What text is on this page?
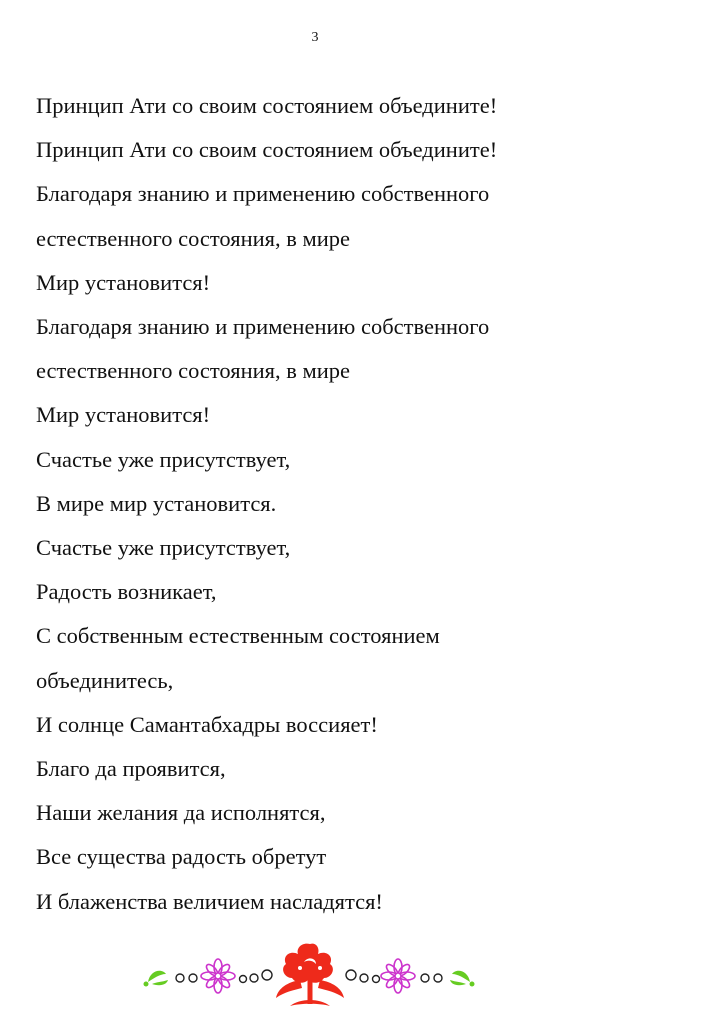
3
Принцип Ати со своим состоянием объедините!
Принцип Ати со своим состоянием объедините!
Благодаря знанию и применению собственного
естественного состояния, в мире
Мир установится!
Благодаря знанию и применению собственного
естественного состояния, в мире
Мир установится!
Счастье уже присутствует,
В мире мир установится.
Счастье уже присутствует,
Радость возникает,
С собственным естественным состоянием
объединитесь,
И солнце Самантабхадры воссияет!
Благо да проявится,
Наши желания да исполнятся,
Все существа радость обретут
И блаженства величием насладятся!
